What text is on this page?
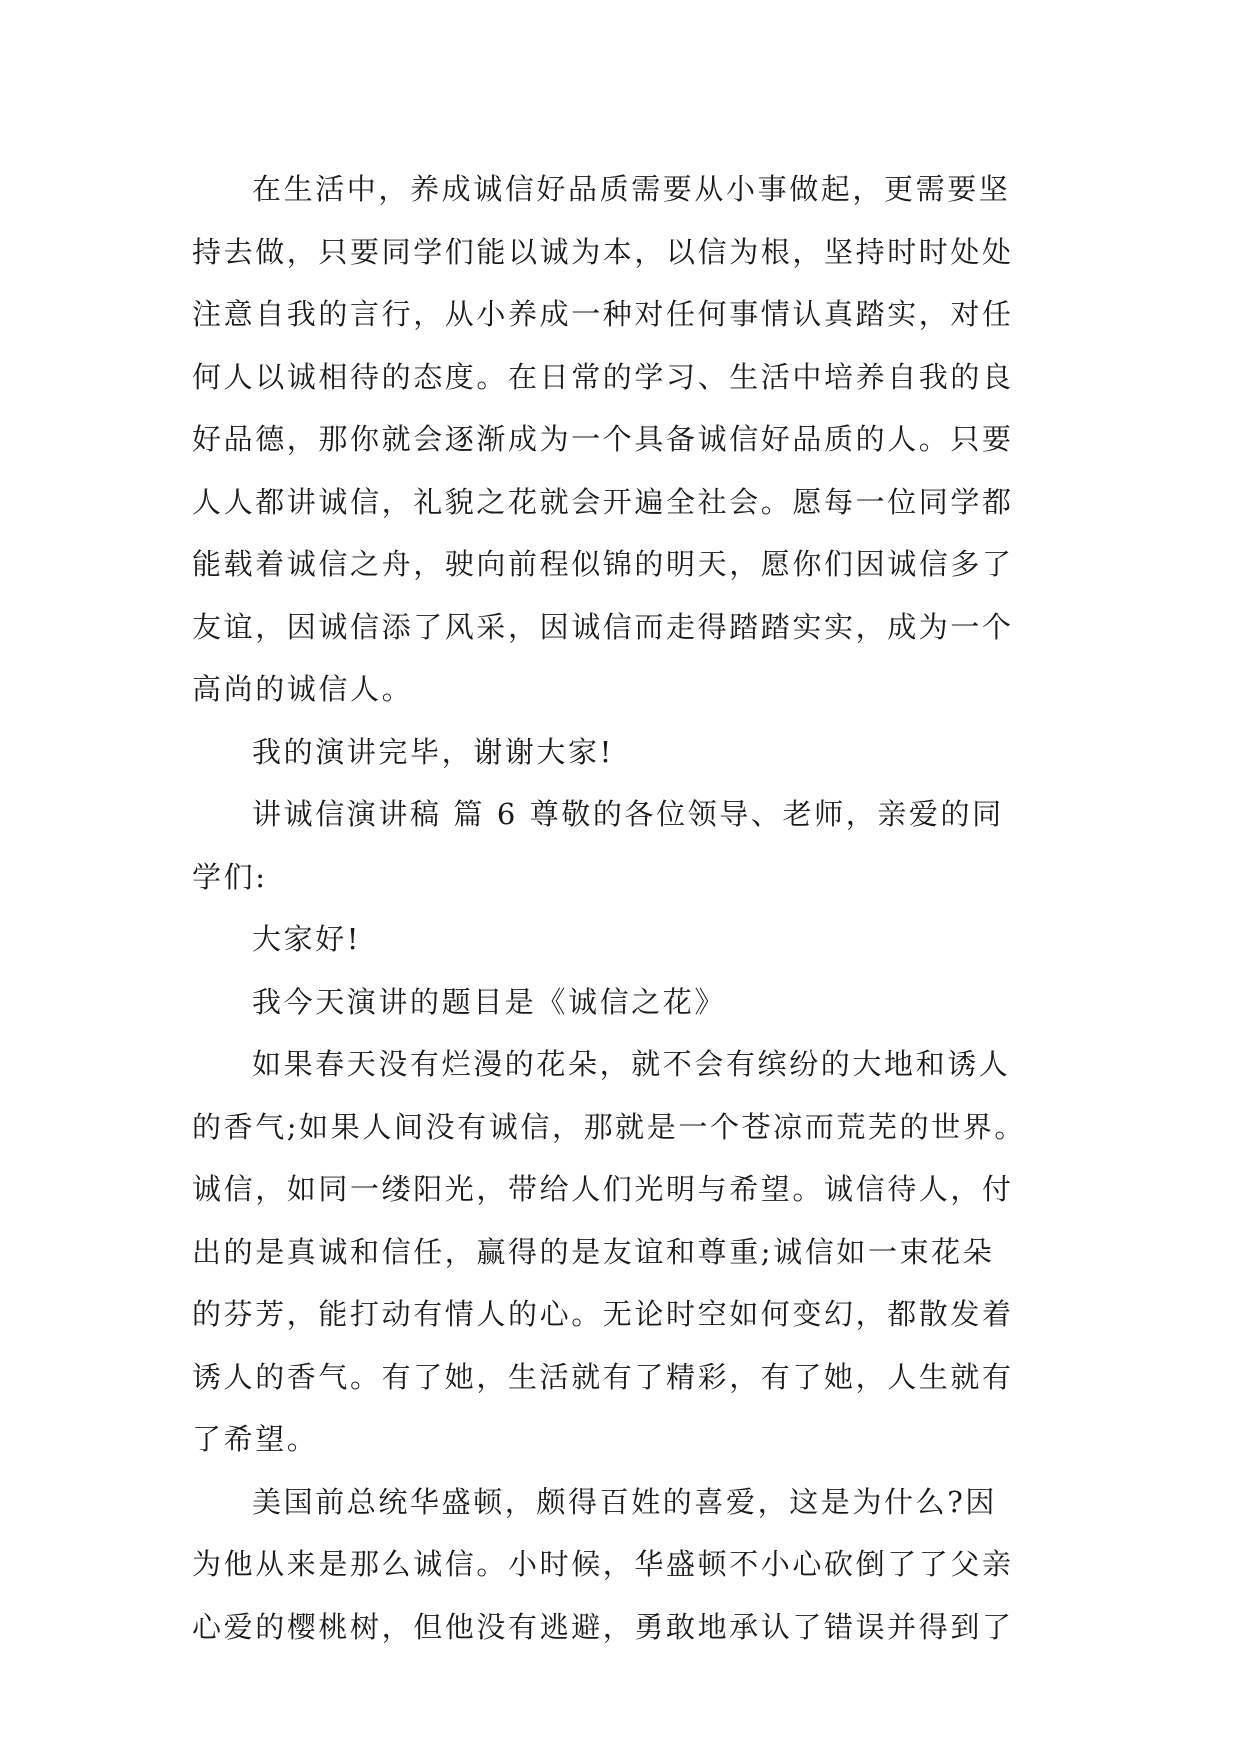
在生活中，养成诚信好品质需要从小事做起，更需要坚
持去做，只要同学们能以诚为本，以信为根，坚持时时处处
注意自我的言行，从小养成一种对任何事情认真踏实，对任
何人以诚相待的态度。在日常的学习、生活中培养自我的良
好品德，那你就会逐渐成为一个具备诚信好品质的人。只要
人人都讲诚信，礼貌之花就会开遍全社会。愿每一位同学都
能载着诚信之舟，驶向前程似锦的明天，愿你们因诚信多了
友谊，因诚信添了风采，因诚信而走得踏踏实实，成为一个
高尚的诚信人。
我的演讲完毕，谢谢大家!
讲诚信演讲稿 篇 6 尊敬的各位领导、老师，亲爱的同
学们:
大家好!
我今天演讲的题目是《诚信之花》
如果春天没有烂漫的花朵，就不会有缤纷的大地和诱人
的香气;如果人间没有诚信，那就是一个苍凉而荒芜的世界。
诚信，如同一缕阳光，带给人们光明与希望。诚信待人，付
出的是真诚和信任，赢得的是友谊和尊重;诚信如一束花朵
的芬芳，能打动有情人的心。无论时空如何变幻，都散发着
诱人的香气。有了她，生活就有了精彩，有了她，人生就有
了希望。
美国前总统华盛顿，颇得百姓的喜爱，这是为什么?因
为他从来是那么诚信。小时候，华盛顿不小心砍倒了了父亲
心爱的樱桃树，但他没有逃避，勇敢地承认了错误并得到了
